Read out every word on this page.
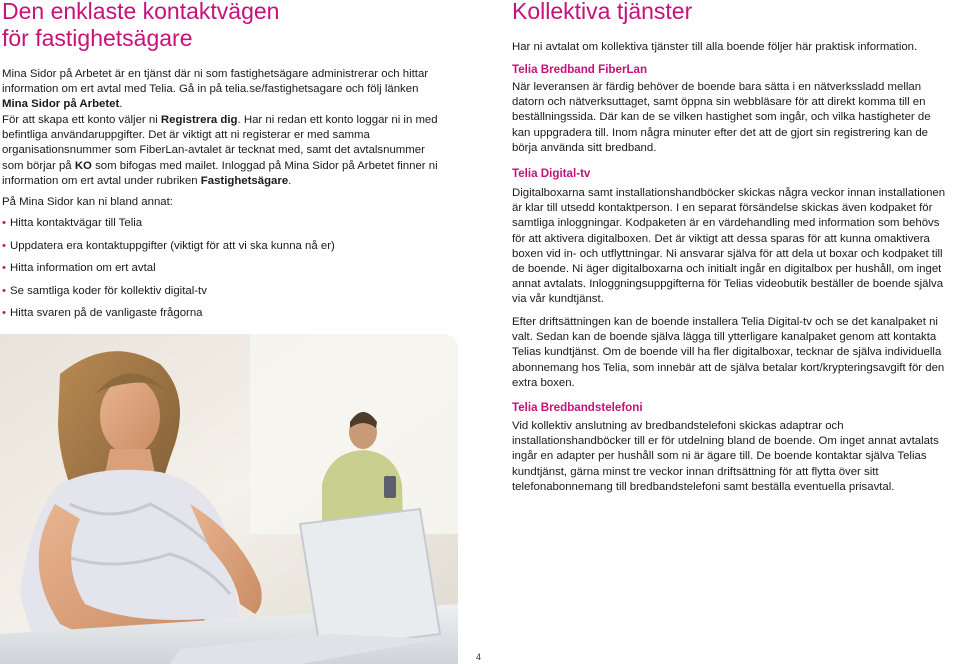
Den enklaste kontaktvägen
för fastighetsägare

Mina Sidor på Arbetet är en tjänst där ni som fastighetsägare administrerar och hittar information om ert avtal med Telia. Gå in på telia.se/fastighetsagare och följ länken Mina Sidor på Arbetet.

För att skapa ett konto väljer ni Registrera dig. Har ni redan ett konto loggar ni in med befintliga användaruppgifter. Det är viktigt att ni registerar er med samma organisationsnummer som FiberLan-avtalet är tecknat med, samt det avtalsnummer som börjar på KO som bifogas med mailet. Inloggad på Mina Sidor på Arbetet finner ni information om ert avtal under rubriken Fastighetsägare.

På Mina Sidor kan ni bland annat:

• Hitta kontaktvägar till Telia
• Uppdatera era kontaktuppgifter (viktigt för att vi ska kunna nå er)
• Hitta information om ert avtal
• Se samtliga koder för kollektiv digital-tv
• Hitta svaren på de vanligaste frågorna
Kollektiva tjänster

Har ni avtalat om kollektiva tjänster till alla boende följer här praktisk information.

Telia Bredband FiberLan

När leveransen är färdig behöver de boende bara sätta i en nätverkssladd mellan datorn och nätverksuttaget, samt öppna sin webbläsare för att direkt komma till en beställningssida. Där kan de se vilken hastighet som ingår, och vilka hastigheter de kan uppgradera till. Inom några minuter efter det att de gjort sin registrering kan de börja använda sitt bredband.

Telia Digital-tv

Digitalboxarna samt installationshandböcker skickas några veckor innan installationen är klar till utsedd kontaktperson. I en separat försändelse skickas även kodpaket för samtliga inloggningar. Kodpaketen är en värdehandling med information som behövs för att aktivera digitalboxen. Det är viktigt att dessa sparas för att kunna omaktivera boxen vid in- och utflyttningar. Ni ansvarar själva för att dela ut boxar och kodpaket till de boende. Ni äger digitalboxarna och initialt ingår en digitalbox per hushåll, om inget annat avtalats. Inloggningsuppgifterna för Telias videobutik beställer de boende själva via vår kundtjänst.

Efter driftsättningen kan de boende installera Telia Digital-tv och se det kanalpaket ni valt. Sedan kan de boende själva lägga till ytterligare kanalpaket genom att kontakta Telias kundtjänst. Om de boende vill ha fler digitalboxar, tecknar de själva individuella abonnemang hos Telia, som innebär att de själva betalar kort/krypteringsavgift för den extra boxen.

Telia Bredbandstelefoni

Vid kollektiv anslutning av bredbandstelefoni skickas adaptrar och installationshandböcker till er för utdelning bland de boende. Om inget annat avtalats ingår en adapter per hushåll som ni är ägare till. De boende kontaktar själva Telias kundtjänst, gärna minst tre veckor innan driftsättning för att flytta över sitt telefonabonnemang till bredbandstelefoni samt beställa eventuella prisavtal.

4
